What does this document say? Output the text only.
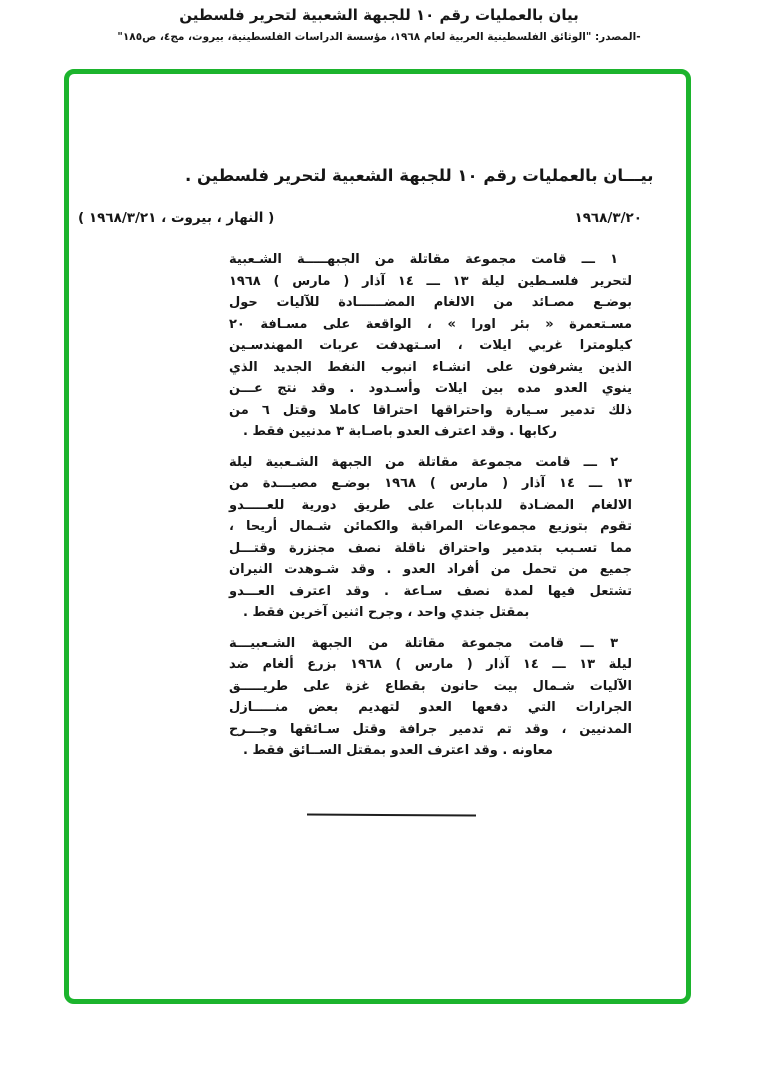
بيان بالعمليات رقم ١٠ للجبهة الشعبية لتحرير فلسطين
-المصدر: "الوثائق الفلسطينية العربية لعام ١٩٦٨، مؤسسة الدراسات الفلسطينية، بيروت، مج٤، ص١٨٥"
بيـــان بالعمليات رقم ١٠ للجبهة الشعبية لتحرير فلسطين .
١٩٦٨/٣/٢٠
( النهار ، بيروت ، ١٩٦٨/٣/٢١ )
١ ـــ قامت مجموعة مقاتلة من الجبهـــــة الشـعبية
لتحرير فلسـطين ليلة ١٣ ـــ ١٤ آذار ( مارس ) ١٩٦٨
بوضـع مصـائد من الالغام المضــــــادة للآليات حول
مسـتعمرة « بئر اورا » ، الواقعة على مسـافة ٢٠
كيلومترا غربي ايلات ، اسـتهدفت عربات المهندسـين
الذين يشرفون على انشـاء انبوب النفط الجديد الذي
ينوي العدو مده بين ايلات وأسـدود . وقد نتج عـــن
ذلك تدمير سـيارة واحتراقها احتراقا كاملا وقتل ٦ من
ركابها . وقد اعترف العدو باصـابة ٣ مدنيين فقط .
٢ ـــ قامت مجموعة مقاتلة من الجبهة الشـعبية ليلة
١٣ ـــ ١٤ آذار ( مارس ) ١٩٦٨ بوضـع مصيـــدة من
الالغام المضـادة للدبابات على طريق دورية للعـــــدو
تقوم بتوزيع مجموعات المراقبة والكمائن شـمال أريحا ،
مما تسـبب بتدمير واحتراق ناقلة نصف مجنزرة وقتـــل
جميع من تحمل من أفراد العدو . وقد شـوهدت النيران
تشتعل فيها لمدة نصف سـاعة . وقد اعترف العـــدو
بمقتل جندي واحد ، وجرح اثنين آخرين فقط .
٣ ـــ قامت مجموعة مقاتلة من الجبهة الشـعبيـــة
ليلة ١٣ ـــ ١٤ آذار ( مارس ) ١٩٦٨ بزرع ألغام ضد
الآليات شـمال بيت حانون بقطاع غزة على طريـــــق
الجرارات التي دفعها العدو لتهديم بعض منـــــازل
المدنيين ، وقد تم تدمير جرافة وقتل سـائقها وجـــرح
معاونه . وقد اعترف العدو بمقتل الســائق فقط .
